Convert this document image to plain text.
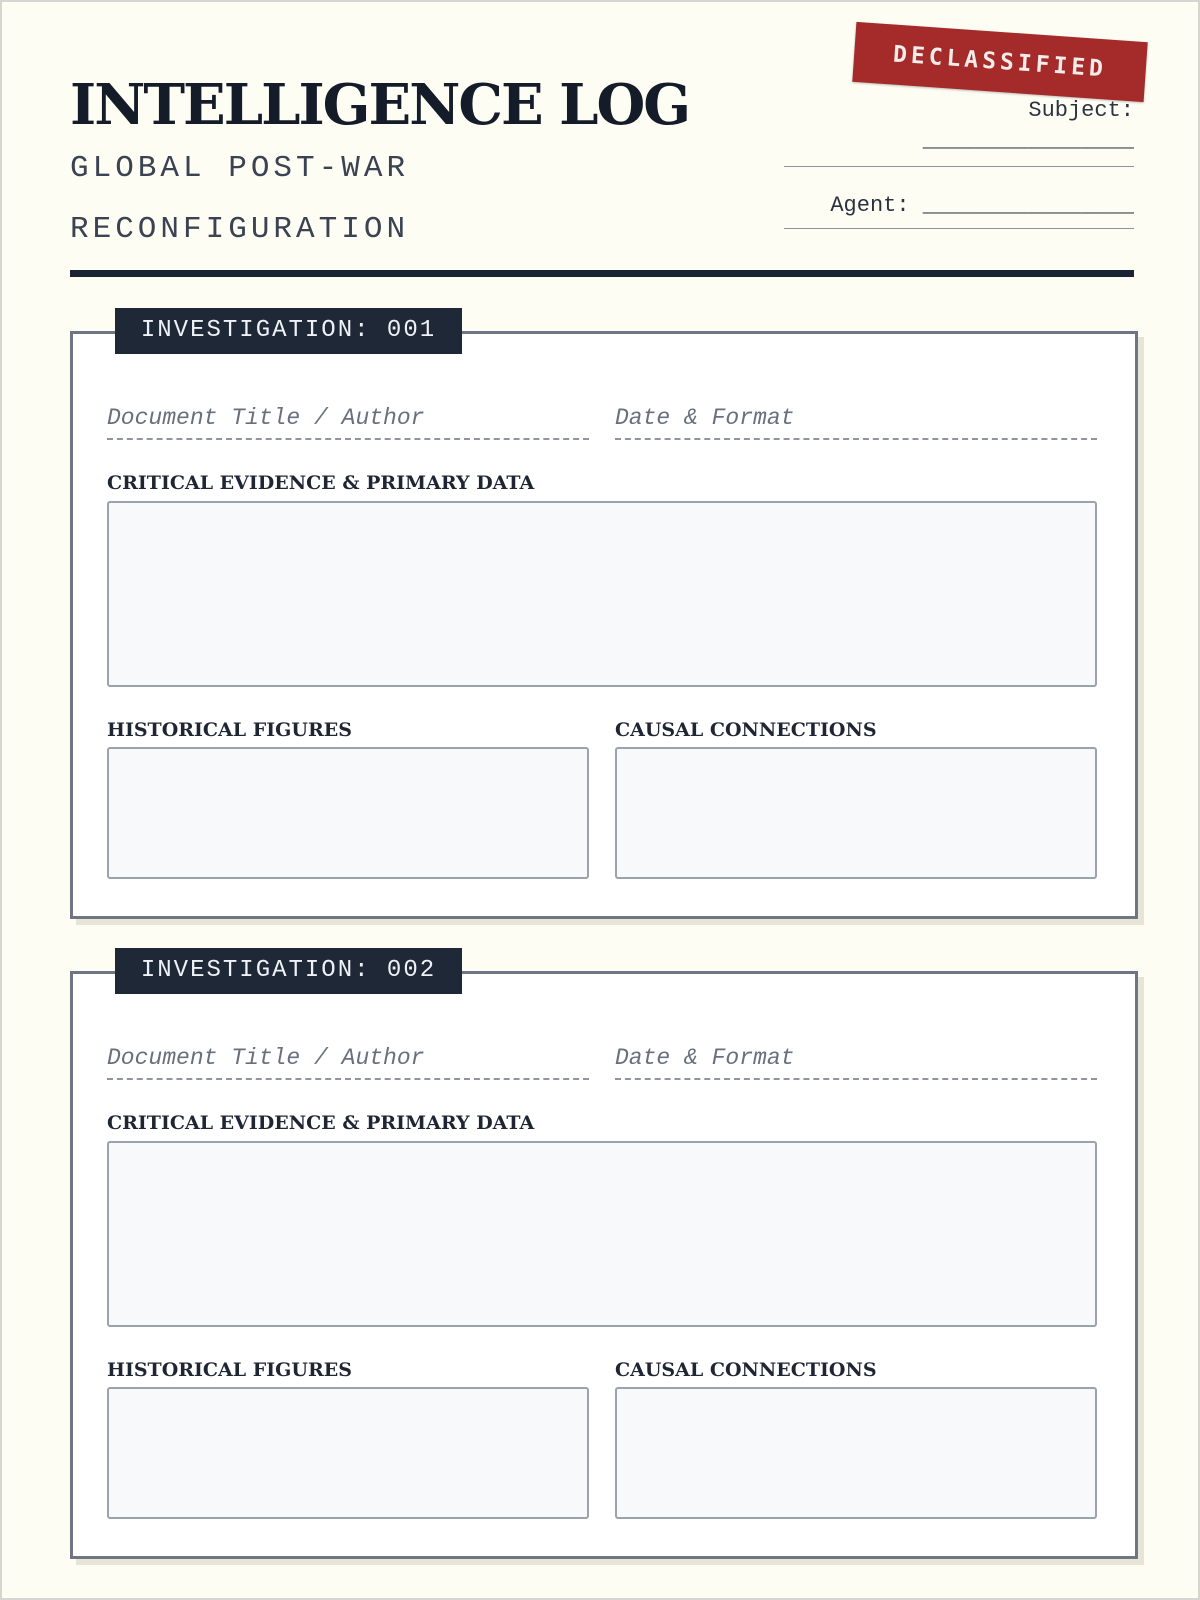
INTELLIGENCE LOG
GLOBAL POST-WAR RECONFIGURATION
Subject:
________________
Agent: ________________
DECLASSIFIED
INVESTIGATION: 001
Document Title / Author	Date & Format
CRITICAL EVIDENCE & PRIMARY DATA
HISTORICAL FIGURES	CAUSAL CONNECTIONS
INVESTIGATION: 002
Document Title / Author	Date & Format
CRITICAL EVIDENCE & PRIMARY DATA
HISTORICAL FIGURES	CAUSAL CONNECTIONS
